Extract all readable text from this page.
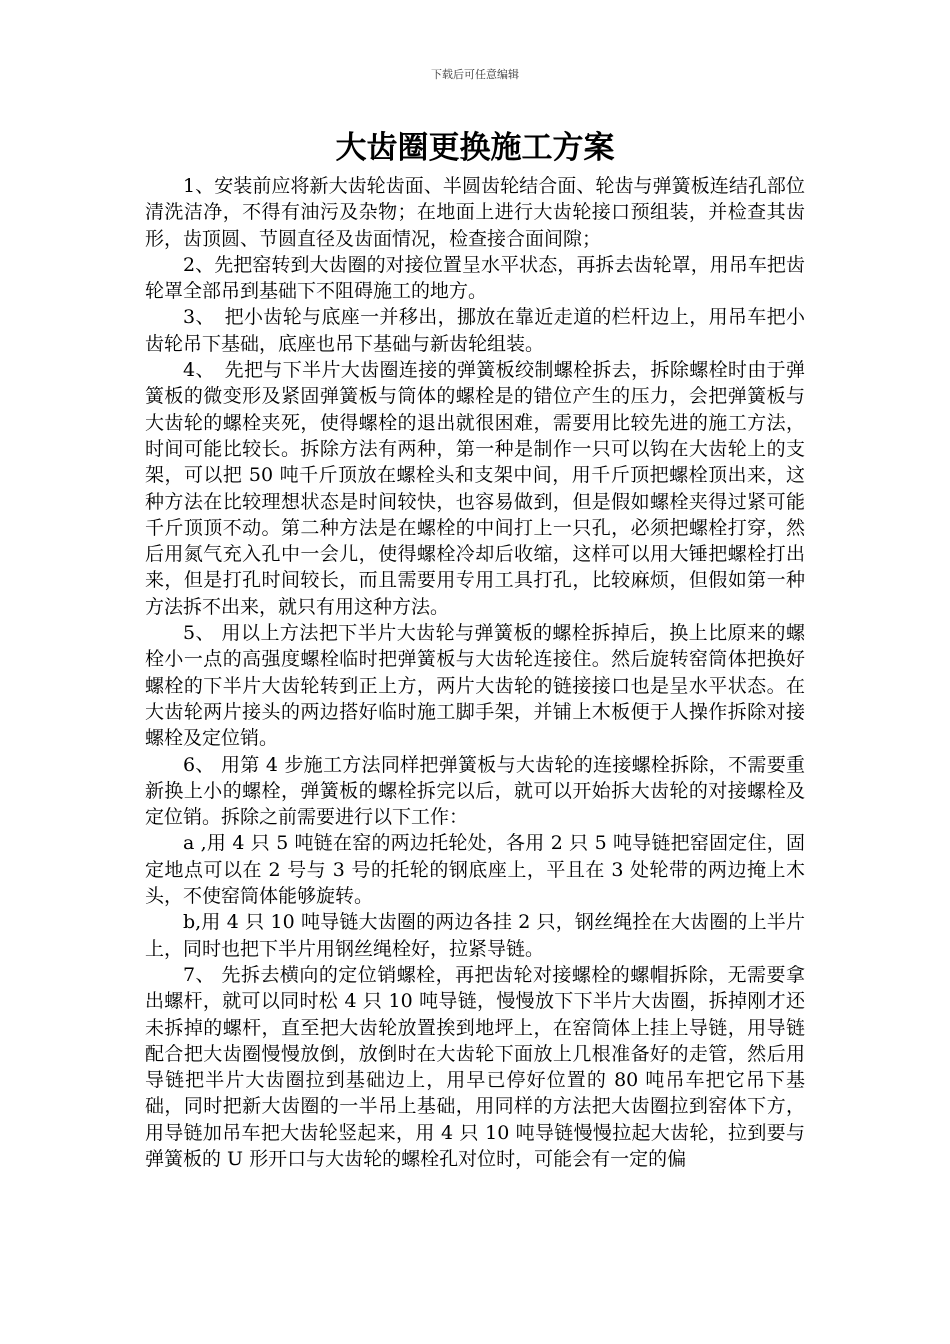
下载后可任意编辑
大齿圈更换施工方案

1、安装前应将新大齿轮齿面、半圆齿轮结合面、轮齿与弹簧板连结孔部位清洗洁净，不得有油污及杂物；在地面上进行大齿轮接口预组装，并检查其齿形，齿顶圆、节圆直径及齿面情况，检查接合面间隙；

2、先把窑转到大齿圈的对接位置呈水平状态，再拆去齿轮罩，用吊车把齿轮罩全部吊到基础下不阻碍施工的地方。

3、　把小齿轮与底座一并移出，挪放在靠近走道的栏杆边上，用吊车把小齿轮吊下基础，底座也吊下基础与新齿轮组装。

4、　先把与下半片大齿圈连接的弹簧板绞制螺栓拆去，拆除螺栓时由于弹簧板的微变形及紧固弹簧板与筒体的螺栓是的错位产生的压力，会把弹簧板与大齿轮的螺栓夹死，使得螺栓的退出就很困难，需要用比较先进的施工方法，时间可能比较长。拆除方法有两种，第一种是制作一只可以钩在大齿轮上的支架，可以把 50 吨千斤顶放在螺栓头和支架中间，用千斤顶把螺栓顶出来，这种方法在比较理想状态是时间较快，也容易做到，但是假如螺栓夹得过紧可能千斤顶顶不动。第二种方法是在螺栓的中间打上一只孔，必须把螺栓打穿，然后用氮气充入孔中一会儿，使得螺栓冷却后收缩，这样可以用大锤把螺栓打出来，但是打孔时间较长，而且需要用专用工具打孔，比较麻烦，但假如第一种方法拆不出来，就只有用这种方法。

5、 用以上方法把下半片大齿轮与弹簧板的螺栓拆掉后，换上比原来的螺栓小一点的高强度螺栓临时把弹簧板与大齿轮连接住。然后旋转窑筒体把换好螺栓的下半片大齿轮转到正上方，两片大齿轮的链接接口也是呈水平状态。在大齿轮两片接头的两边搭好临时施工脚手架，并铺上木板便于人操作拆除对接螺栓及定位销。

6、 用第 4 步施工方法同样把弹簧板与大齿轮的连接螺栓拆除，不需要重新换上小的螺栓，弹簧板的螺栓拆完以后，就可以开始拆大齿轮的对接螺栓及定位销。拆除之前需要进行以下工作：

a ,用 4 只 5 吨链在窑的两边托轮处，各用 2 只 5 吨导链把窑固定住，固定地点可以在 2 号与 3 号的托轮的钢底座上，平且在 3 处轮带的两边掩上木头，不使窑筒体能够旋转。

b,用 4 只 10 吨导链大齿圈的两边各挂 2 只，钢丝绳拴在大齿圈的上半片上，同时也把下半片用钢丝绳栓好，拉紧导链。

7、 先拆去横向的定位销螺栓，再把齿轮对接螺栓的螺帽拆除，无需要拿出螺杆，就可以同时松 4 只 10 吨导链，慢慢放下下半片大齿圈，拆掉刚才还未拆掉的螺杆，直至把大齿轮放置挨到地坪上，在窑筒体上挂上导链，用导链配合把大齿圈慢慢放倒，放倒时在大齿轮下面放上几根准备好的走管，然后用导链把半片大齿圈拉到基础边上，用早已停好位置的 80 吨吊车把它吊下基础，同时把新大齿圈的一半吊上基础，用同样的方法把大齿圈拉到窑体下方，用导链加吊车把大齿轮竖起来，用 4 只 10 吨导链慢慢拉起大齿轮，拉到要与弹簧板的 U 形开口与大齿轮的螺栓孔对位时，可能会有一定的偏
